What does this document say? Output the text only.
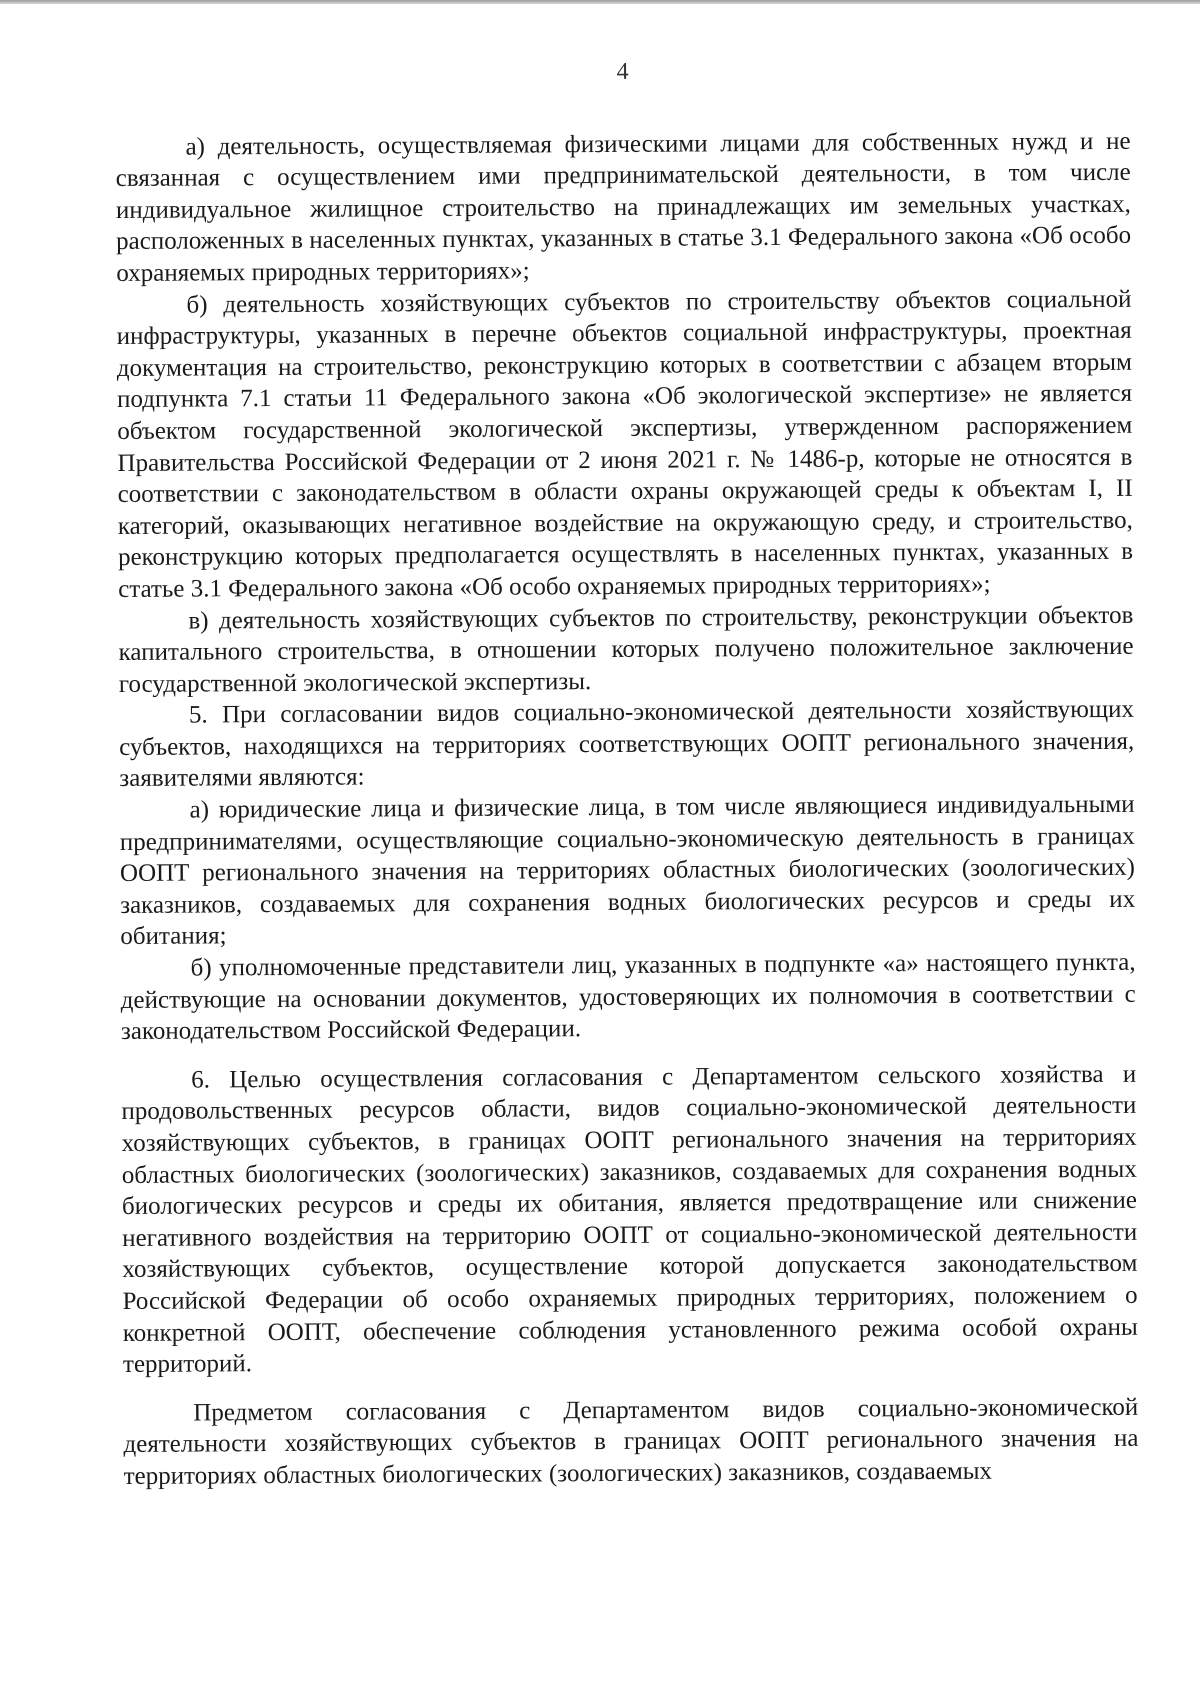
4

а) деятельность, осуществляемая физическими лицами для собственных нужд и не связанная с осуществлением ими предпринимательской деятельности, в том числе индивидуальное жилищное строительство на принадлежащих им земельных участках, расположенных в населенных пунктах, указанных в статье 3.1 Федерального закона «Об особо охраняемых природных территориях»;

б) деятельность хозяйствующих субъектов по строительству объектов социальной инфраструктуры, указанных в перечне объектов социальной инфраструктуры, проектная документация на строительство, реконструкцию которых в соответствии с абзацем вторым подпункта 7.1 статьи 11 Федерального закона «Об экологической экспертизе» не является объектом государственной экологической экспертизы, утвержденном распоряжением Правительства Российской Федерации от 2 июня 2021 г. № 1486-р, которые не относятся в соответствии с законодательством в области охраны окружающей среды к объектам I, II категорий, оказывающих негативное воздействие на окружающую среду, и строительство, реконструкцию которых предполагается осуществлять в населенных пунктах, указанных в статье 3.1 Федерального закона «Об особо охраняемых природных территориях»;

в) деятельность хозяйствующих субъектов по строительству, реконструкции объектов капитального строительства, в отношении которых получено положительное заключение государственной экологической экспертизы.

5. При согласовании видов социально-экономической деятельности хозяйствующих субъектов, находящихся на территориях соответствующих ООПТ регионального значения, заявителями являются:

а) юридические лица и физические лица, в том числе являющиеся индивидуальными предпринимателями, осуществляющие социально-экономическую деятельность в границах ООПТ регионального значения на территориях областных биологических (зоологических) заказников, создаваемых для сохранения водных биологических ресурсов и среды их обитания;

б) уполномоченные представители лиц, указанных в подпункте «а» настоящего пункта, действующие на основании документов, удостоверяющих их полномочия в соответствии с законодательством Российской Федерации.

6. Целью осуществления согласования с Департаментом сельского хозяйства и продовольственных ресурсов области, видов социально-экономической деятельности хозяйствующих субъектов, в границах ООПТ регионального значения на территориях областных биологических (зоологических) заказников, создаваемых для сохранения водных биологических ресурсов и среды их обитания, является предотвращение или снижение негативного воздействия на территорию ООПТ от социально-экономической деятельности хозяйствующих субъектов, осуществление которой допускается законодательством Российской Федерации об особо охраняемых природных территориях, положением о конкретной ООПТ, обеспечение соблюдения установленного режима особой охраны территорий.

Предметом согласования с Департаментом видов социально-экономической деятельности хозяйствующих субъектов в границах ООПТ регионального значения на территориях областных биологических (зоологических) заказников, создаваемых
